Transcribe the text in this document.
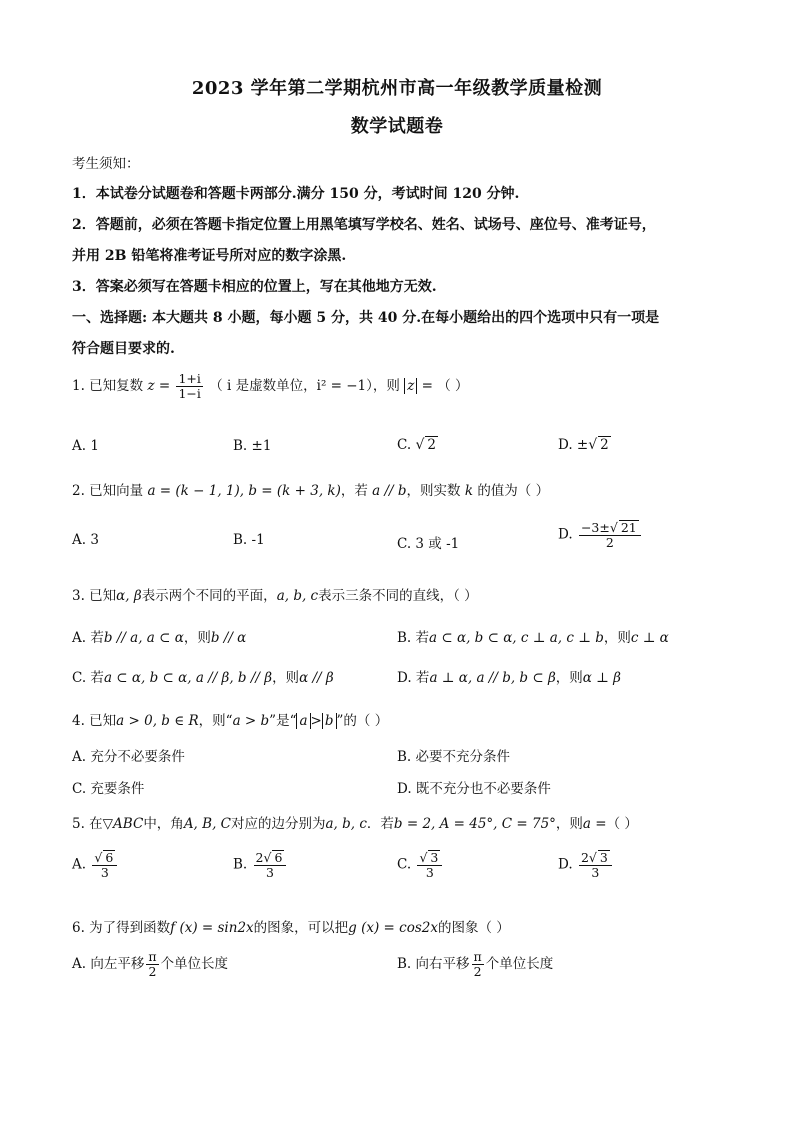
2023 学年第二学期杭州市高一年级教学质量检测
数学试题卷
考生须知：
1．本试卷分试题卷和答题卡两部分.满分 150 分，考试时间 120 分钟.
2．答题前，必须在答题卡指定位置上用黑笔填写学校名、姓名、试场号、座位号、准考证号，
并用 2B 铅笔将准考证号所对应的数字涂黑.
3．答案必须写在答题卡相应的位置上，写在其他地方无效.
一、选择题: 本大题共 8 小题，每小题 5 分，共 40 分.在每小题给出的四个选项中只有一项是
符合题目要求的.
1. 已知复数 $z = \frac{1+i}{1-i}$ （ i 是虚数单位，i² = −1），则 z = （ ）
A. 1	B. ±1	C. √ 2	D. ±√ 2
2. 已知向量 a = (k − 1, 1), b = (k + 3, k)，若 a // b，则实数 k 的值为（ ）
A. 3	B. -1	C. 3 或 -1
D. $\frac{-3\pm√ 21}{2}$
3. 已知α, β表示两个不同的平面，a, b, c表示三条不同的直线，（ ）
A. 若b // a, a ⊂ α，则b // α	B. 若a ⊂ α, b ⊂ α, c ⊥ a, c ⊥ b，则c ⊥ α
C. 若a ⊂ α, b ⊂ α, a // β, b // β，则α // β	D. 若a ⊥ α, a // b, b ⊂ β，则α ⊥ β
4. 已知a > 0, b ∈ R，则“a > b”是“ a > b ”的（ ）
A. 充分不必要条件	B. 必要不充分条件
C. 充要条件	D. 既不充分也不必要条件
5. 在▽ABC中，角A, B, C对应的边分别为a, b, c．若b = 2, A = 45°, C = 75°，则a =（ ）
A. $\frac{√ 6}{3}$	B. $\frac{2√ 6}{3}$	C. $\frac{√ 3}{3}$	D. $\frac{2√ 3}{3}$
6. 为了得到函数f (x) = sin2x的图象，可以把g (x) = cos2x的图象（ ）
A. 向左平移 $\frac{\pi}{2}$ 个单位长度	B. 向右平移 $\frac{\pi}{2}$ 个单位长度
